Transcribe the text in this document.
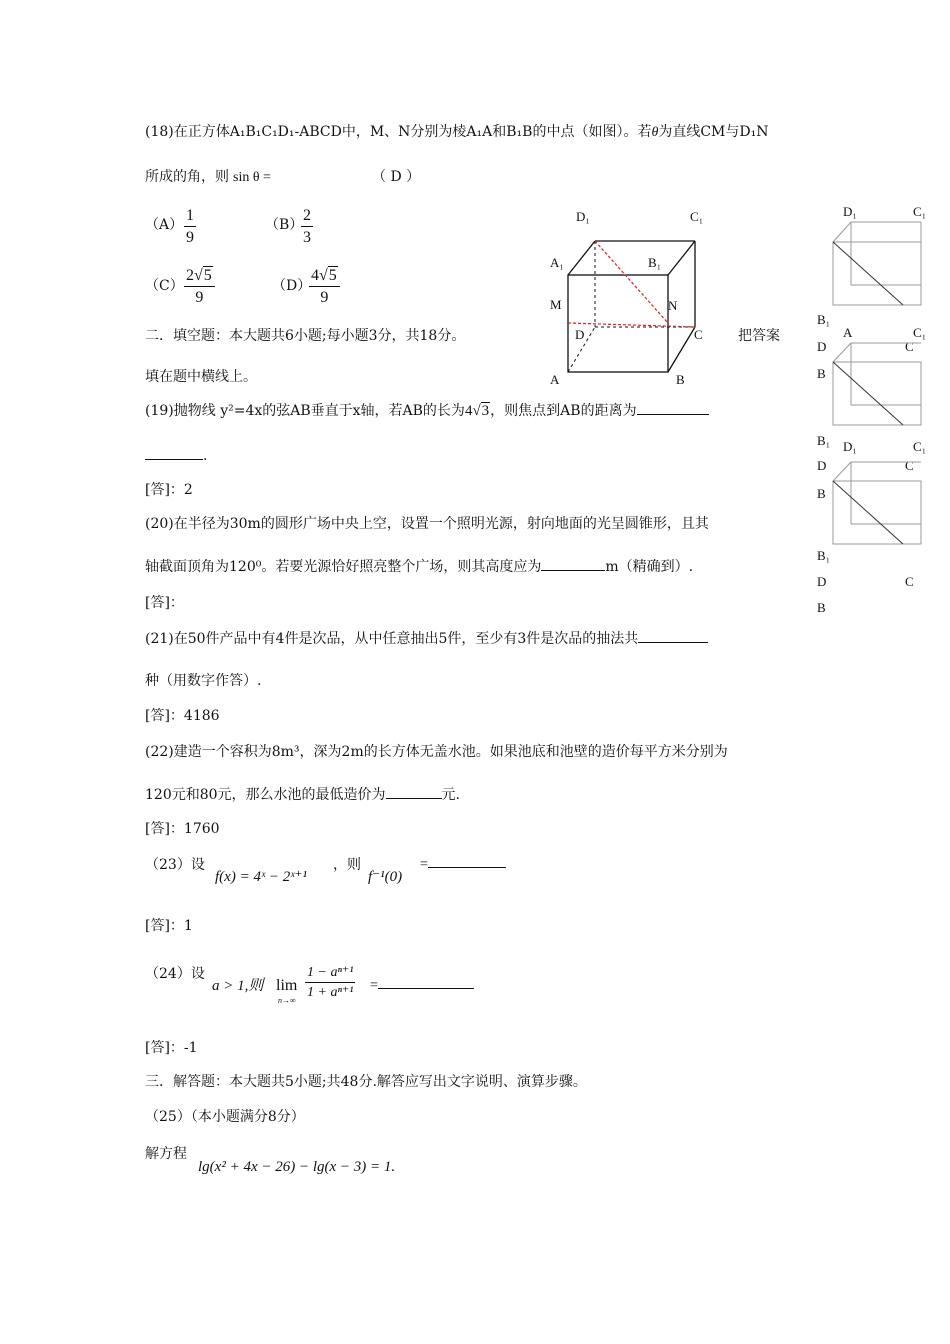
(18)在正方体A₁B₁C₁D₁-ABCD中，M、N分别为棱A₁A和B₁B的中点（如图）。若θ为直线CM与D₁N
所成的角，则 sin θ =	（ D ）
$(A) \frac{1}{9}$	（B）
$\frac{2}{3}$
$(C) \frac{2√5}{9}$	（D）
$\frac{4√5}{9}$
D₁	C₁
A₁	B₁
M	N
D	C
A	B
D₁	C₁
B₁
A	C₁
D	C
B
B₁ D₁	C₁
D	C
B
B₁
D	C
B
二．填空题：本大题共6小题;每小题3分，共18分。	把答案
填在题中横线上。
(19)抛物线 y²=4x的弦AB垂直于x轴，若AB的长为4√3，则焦点到AB的距离为
.
[答]：2
(20)在半径为30m的圆形广场中央上空，设置一个照明光源，射向地面的光呈圆锥形，且其
轴截面顶角为120⁰。若要光源恰好照亮整个广场，则其高度应为	m（精确到）.
[答]：
(21)在50件产品中有4件是次品，从中任意抽出5件，至少有3件是次品的抽法共
种（用数字作答）.
[答]：4186
(22)建造一个容积为8m³，深为2m的长方体无盖水池。如果池底和池壁的造价每平方米分别为
120元和80元，那么水池的最低造价为	元.
[答]：1760
（23）设
f(x) = 4ˣ − 2ˣ⁺¹
，则
f⁻¹(0)
=
[答]：1
（24）设
a > 1,则 lim
n→∞
$\frac{\text{1 − aⁿ⁺¹}}{\text{1 + aⁿ⁺¹}}$ =
[答]：-1
三．解答题：本大题共5小题;共48分.解答应写出文字说明、演算步骤。
（25）（本小题满分8分）
解方程
lg(x² + 4x − 26) − lg(x − 3) = 1.
